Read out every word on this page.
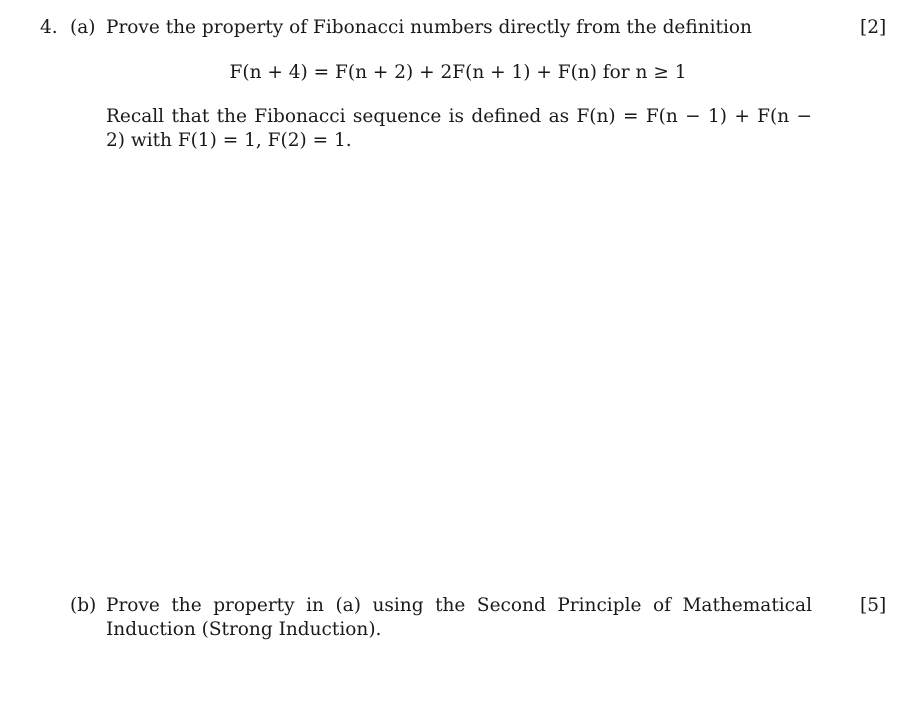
4. (a) Prove the property of Fibonacci numbers directly from the definition	[2]
F(n + 4) = F(n + 2) + 2F(n + 1) + F(n) for n ≥ 1
Recall that the Fibonacci sequence is defined as F(n) = F(n − 1) + F(n − 2) with F(1) = 1, F(2) = 1.
(b) Prove the property in (a) using the Second Principle of Mathematical Induction (Strong Induction).
[5]
